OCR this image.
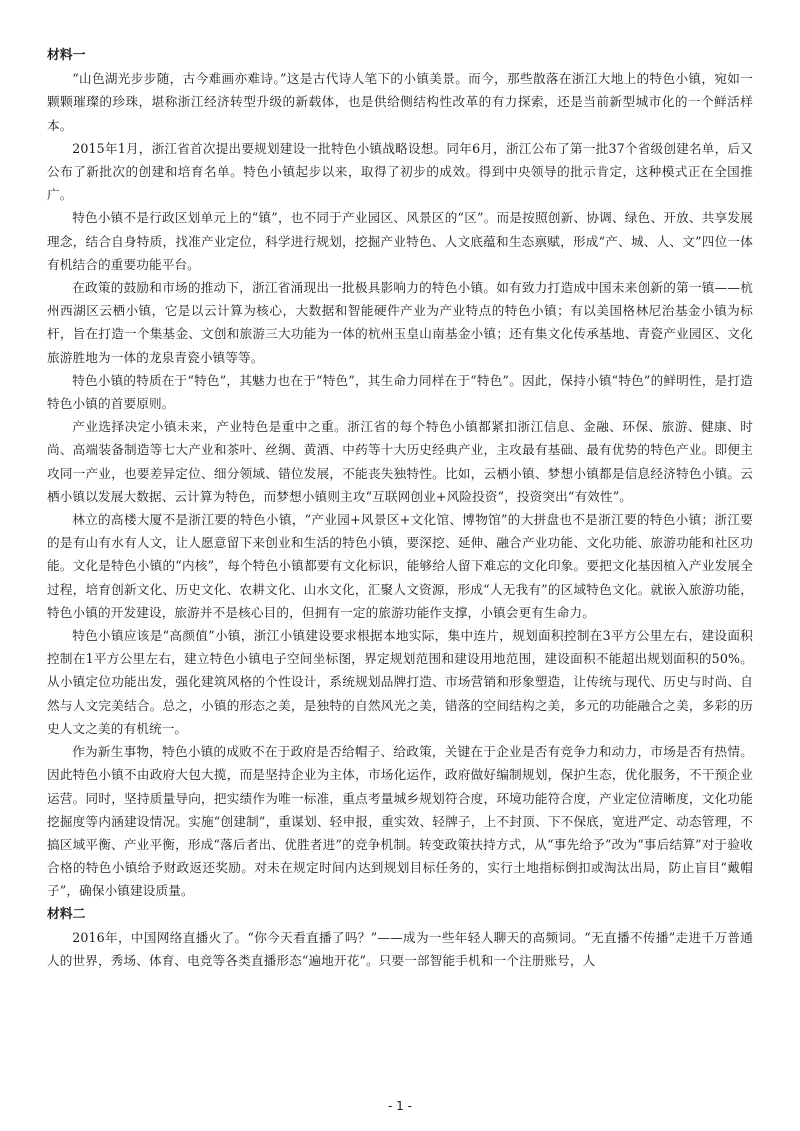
材料一

“山色湖光步步随，古今难画亦难诗。”这是古代诗人笔下的小镇美景。而今，那些散落在浙江大地上的特色小镇，宛如一颗颗璀璨的珍珠，堪称浙江经济转型升级的新载体，也是供给侧结构性改革的有力探索，还是当前新型城市化的一个鲜活样本。

2015年1月，浙江省首次提出要规划建设一批特色小镇战略设想。同年6月，浙江公布了第一批37个省级创建名单，后又公布了新批次的创建和培育名单。特色小镇起步以来，取得了初步的成效。得到中央领导的批示肯定，这种模式正在全国推广。

特色小镇不是行政区划单元上的“镇”，也不同于产业园区、风景区的“区”。而是按照创新、协调、绿色、开放、共享发展理念，结合自身特质，找准产业定位，科学进行规划，挖掘产业特色、人文底蕴和生态禀赋，形成“产、城、人、文”四位一体有机结合的重要功能平台。

在政策的鼓励和市场的推动下，浙江省涌现出一批极具影响力的特色小镇。如有致力打造成中国未来创新的第一镇——杭州西湖区云栖小镇，它是以云计算为核心，大数据和智能硬件产业为产业特点的特色小镇；有以美国格林尼治基金小镇为标杆，旨在打造一个集基金、文创和旅游三大功能为一体的杭州玉皇山南基金小镇；还有集文化传承基地、青瓷产业园区、文化旅游胜地为一体的龙泉青瓷小镇等等。

特色小镇的特质在于“特色”，其魅力也在于“特色”，其生命力同样在于“特色”。因此，保持小镇“特色”的鲜明性，是打造特色小镇的首要原则。

产业选择决定小镇未来，产业特色是重中之重。浙江省的每个特色小镇都紧扣浙江信息、金融、环保、旅游、健康、时尚、高端装备制造等七大产业和茶叶、丝绸、黄酒、中药等十大历史经典产业，主攻最有基础、最有优势的特色产业。即便主攻同一产业，也要差异定位、细分领域、错位发展，不能丧失独特性。比如，云栖小镇、梦想小镇都是信息经济特色小镇。云栖小镇以发展大数据、云计算为特色，而梦想小镇则主攻“互联网创业+风险投资”，投资突出“有效性”。

林立的高楼大厦不是浙江要的特色小镇，“产业园+风景区+文化馆、博物馆”的大拼盘也不是浙江要的特色小镇；浙江要的是有山有水有人文，让人愿意留下来创业和生活的特色小镇，要深挖、延伸、融合产业功能、文化功能、旅游功能和社区功能。文化是特色小镇的“内核”，每个特色小镇都要有文化标识，能够给人留下难忘的文化印象。要把文化基因植入产业发展全过程，培育创新文化、历史文化、农耕文化、山水文化，汇聚人文资源，形成“人无我有”的区域特色文化。就嵌入旅游功能，特色小镇的开发建设，旅游并不是核心目的，但拥有一定的旅游功能作支撑，小镇会更有生命力。

特色小镇应该是“高颜值”小镇，浙江小镇建设要求根据本地实际，集中连片，规划面积控制在3平方公里左右，建设面积控制在1平方公里左右，建立特色小镇电子空间坐标图，界定规划范围和建设用地范围，建设面积不能超出规划面积的50%。从小镇定位功能出发，强化建筑风格的个性设计，系统规划品牌打造、市场营销和形象塑造，让传统与现代、历史与时尚、自然与人文完美结合。总之，小镇的形态之美，是独特的自然风光之美，错落的空间结构之美，多元的功能融合之美，多彩的历史人文之美的有机统一。

作为新生事物，特色小镇的成败不在于政府是否给帽子、给政策，关键在于企业是否有竞争力和动力，市场是否有热情。因此特色小镇不由政府大包大揽，而是坚持企业为主体，市场化运作，政府做好编制规划，保护生态，优化服务，不干预企业运营。同时，坚持质量导向，把实绩作为唯一标准，重点考量城乡规划符合度，环境功能符合度，产业定位清晰度，文化功能挖掘度等内涵建设情况。实施“创建制”，重谋划、轻申报，重实效、轻牌子，上不封顶、下不保底，宽进严定、动态管理，不搞区域平衡、产业平衡，形成“落后者出、优胜者进”的竞争机制。转变政策扶持方式，从“事先给予”改为“事后结算”对于验收合格的特色小镇给予财政返还奖励。对未在规定时间内达到规划目标任务的，实行土地指标倒扣或淘汰出局，防止盲目“戴帽子”，确保小镇建设质量。

材料二

2016年，中国网络直播火了。“你今天看直播了吗？”——成为一些年轻人聊天的高频词。“无直播不传播”走进千万普通人的世界，秀场、体育、电竞等各类直播形态“遍地开花”。只要一部智能手机和一个注册账号，人

- 1 -
